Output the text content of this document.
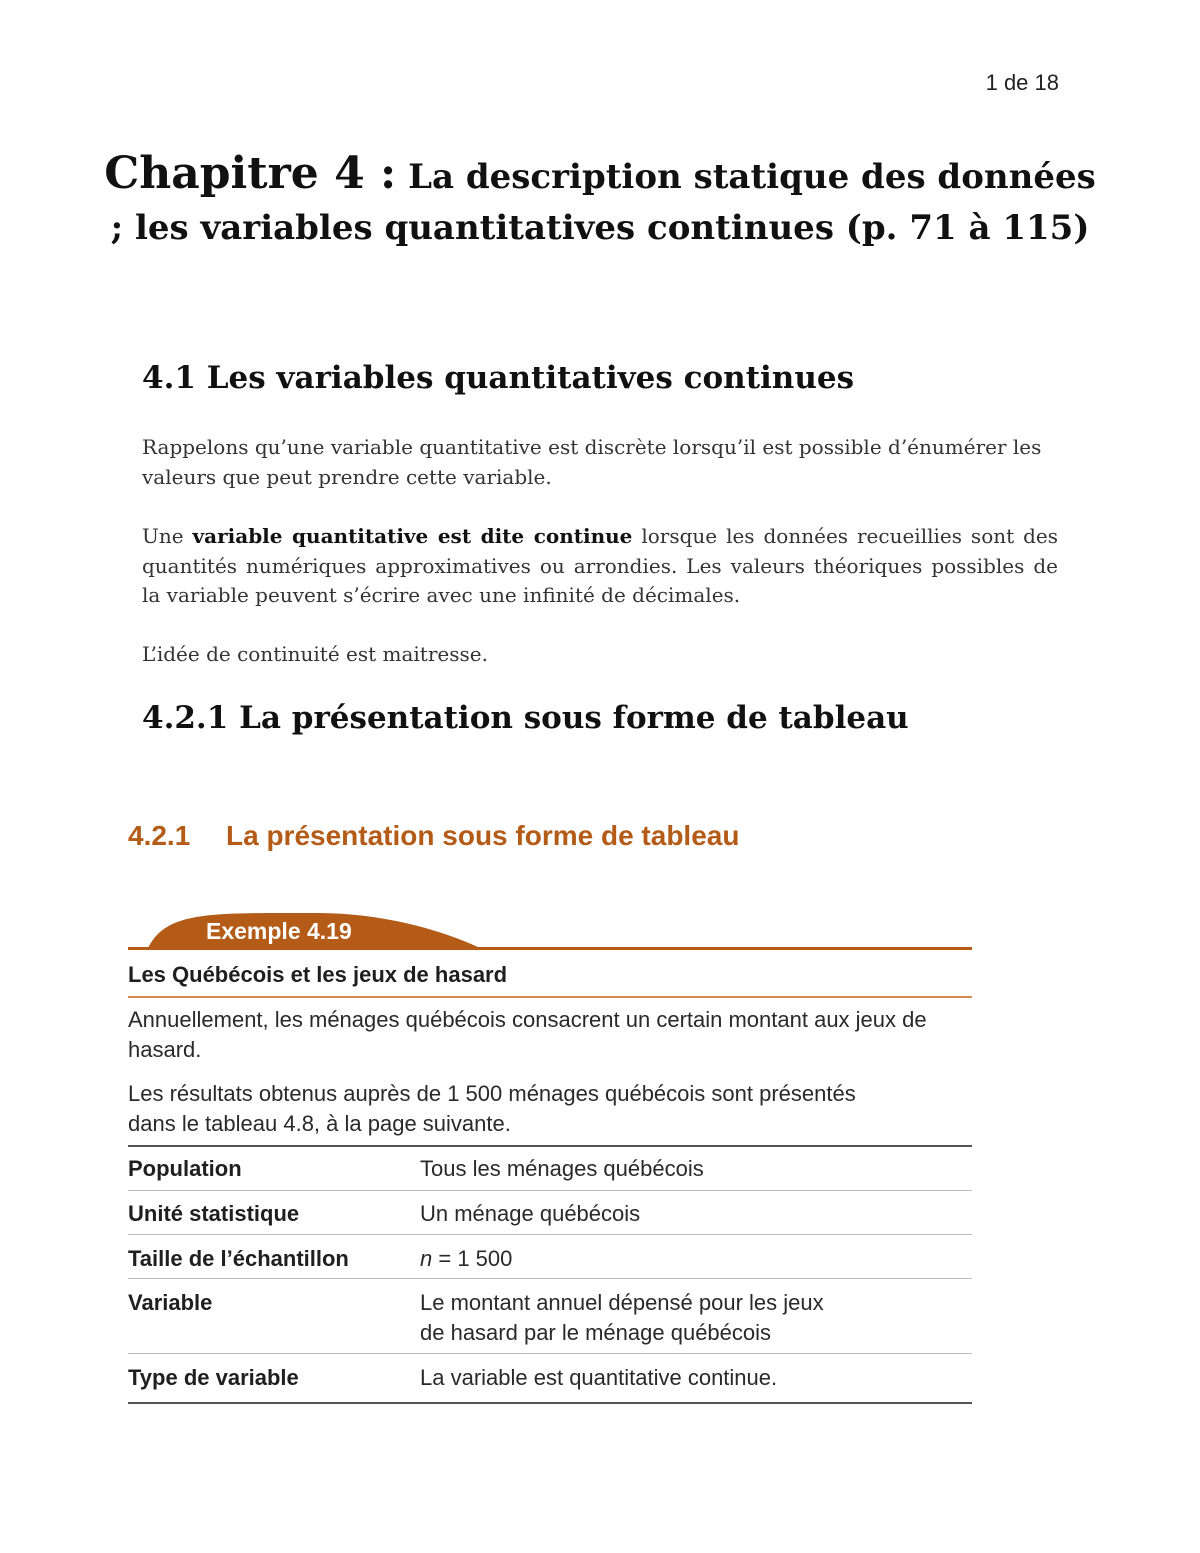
1 de 18
Chapitre 4 : La description statique des données ; les variables quantitatives continues (p. 71 à 115)
4.1 Les variables quantitatives continues
Rappelons qu’une variable quantitative est discrète lorsqu’il est possible d’énumérer les valeurs que peut prendre cette variable.
Une variable quantitative est dite continue lorsque les données recueillies sont des quantités numériques approximatives ou arrondies. Les valeurs théoriques possibles de la variable peuvent s’écrire avec une infinité de décimales.
L’idée de continuité est maitresse.
4.2.1 La présentation sous forme de tableau
4.2.1 La présentation sous forme de tableau
Exemple 4.19
Les Québécois et les jeux de hasard
Annuellement, les ménages québécois consacrent un certain montant aux jeux de hasard.
Les résultats obtenus auprès de 1 500 ménages québécois sont présentés
dans le tableau 4.8, à la page suivante.
Population	Tous les ménages québécois
Unité statistique	Un ménage québécois
Taille de l’échantillon	n = 1 500
Variable	Le montant annuel dépensé pour les jeux
de hasard par le ménage québécois
Type de variable	La variable est quantitative continue.
